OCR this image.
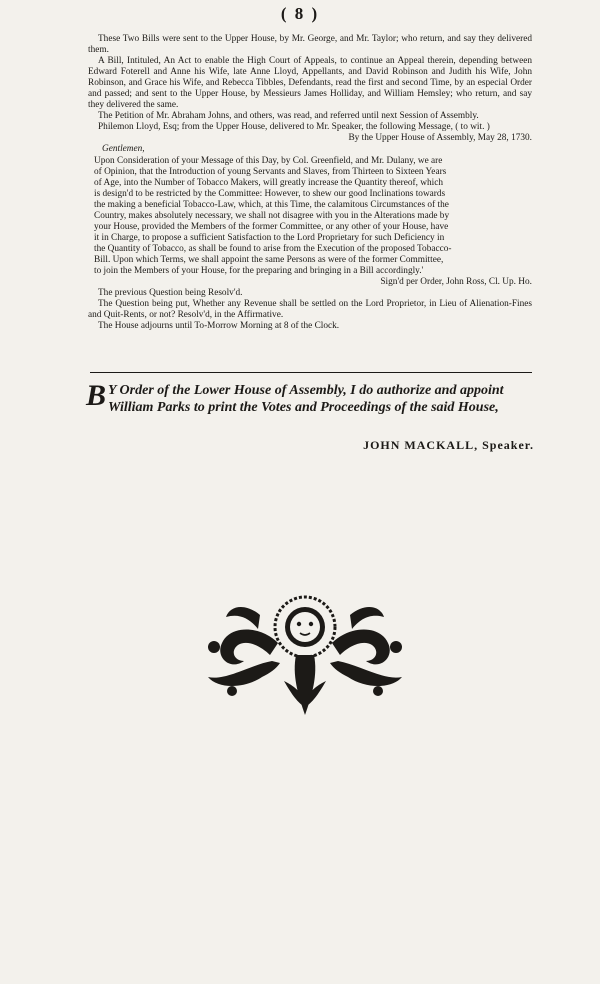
( 8 )

These Two Bills were sent to the Upper House, by Mr. George, and Mr. Taylor; who return, and say they delivered them.

A Bill, Intituled, An Act to enable the High Court of Appeals, to continue an Appeal therein, depending between Edward Foterell and Anne his Wife, late Anne Lloyd, Appellants, and David Robinson and Judith his Wife, John Robinson, and Grace his Wife, and Rebecca Tibbles, Defendants, read the first and second Time, by an especial Order and passed; and sent to the Upper House, by Messieurs James Holliday, and William Hemsley; who return, and say they delivered the same.

The Petition of Mr. Abraham Johns, and others, was read, and referred until next Session of Assembly.

Philemon Lloyd, Esq; from the Upper House, delivered to Mr. Speaker, the following Message, ( to wit. )

By the Upper House of Assembly, May 28, 1730.

Gentlemen,

Upon Consideration of your Message of this Day, by Col. Greenfield, and Mr. Dulany, we are

of Opinion, that the Introduction of young Servants and Slaves, from Thirteen to Sixteen Years

of Age, into the Number of Tobacco Makers, will greatly increase the Quantity thereof, which

is design'd to be restricted by the Committee: However, to shew our good Inclinations towards

the making a beneficial Tobacco-Law, which, at this Time, the calamitous Circumstances of the

Country, makes absolutely necessary, we shall not disagree with you in the Alterations made by

your House, provided the Members of the former Committee, or any other of your House, have

it in Charge, to propose a sufficient Satisfaction to the Lord Proprietary for such Deficiency in

the Quantity of Tobacco, as shall be found to arise from the Execution of the proposed Tobacco-

Bill. Upon which Terms, we shall appoint the same Persons as were of the former Committee,

to join the Members of your House, for the preparing and bringing in a Bill accordingly.'

Sign'd per Order, John Ross, Cl. Up. Ho.

The previous Question being Resolv'd.

The Question being put, Whether any Revenue shall be settled on the Lord Proprietor, in Lieu of Alienation-Fines and Quit-Rents, or not? Resolv'd, in the Affirmative.

The House adjourns until To-Morrow Morning at 8 of the Clock.

B Y Order of the Lower House of Assembly, I do authorize and appoint William Parks to print the Votes and Proceedings of the said House,
JOHN MACKALL, Speaker.
